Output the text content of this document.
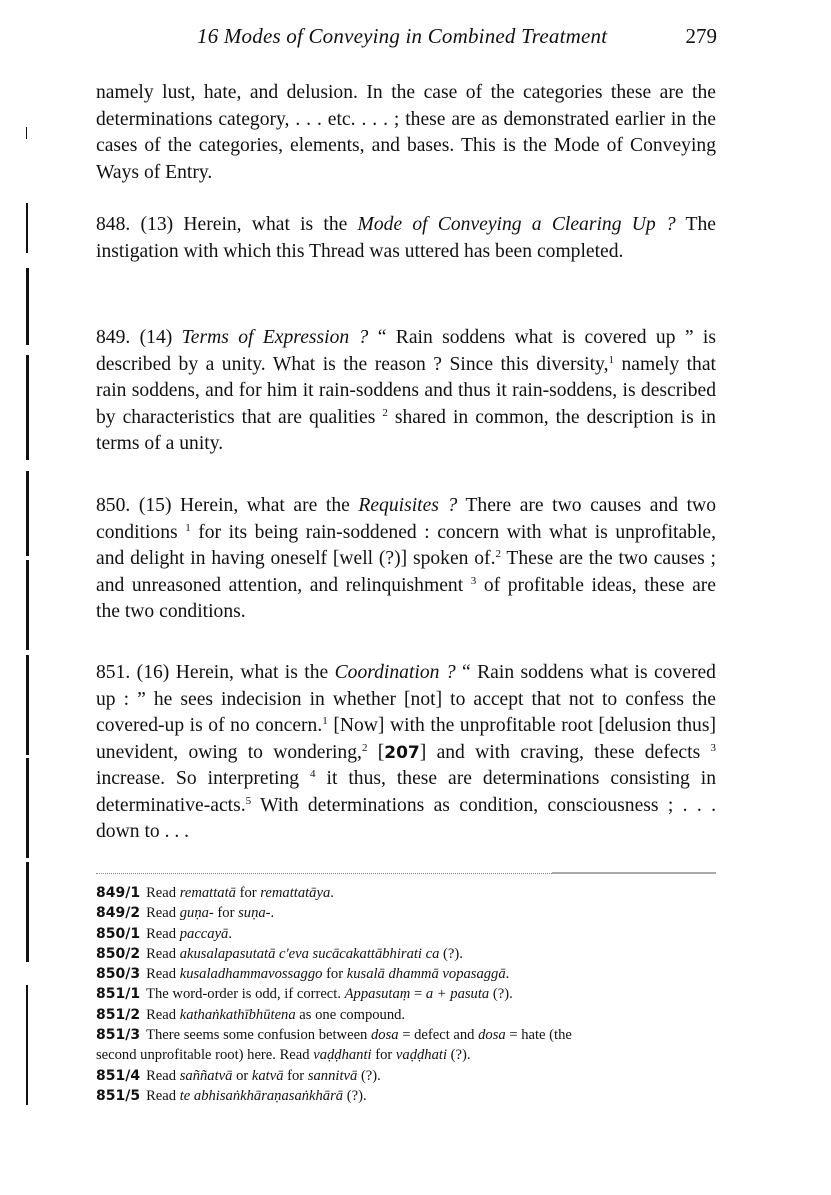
16 Modes of Conveying in Combined Treatment	279

namely lust, hate, and delusion. In the case of the categories these are the determinations category, . . . etc. . . . ; these are as demonstrated earlier in the cases of the categories, elements, and bases. This is the Mode of Conveying Ways of Entry.

848. (13) Herein, what is the Mode of Conveying a Clearing Up ? The instigation with which this Thread was uttered has been completed.

849. (14) Terms of Expression ? “ Rain soddens what is covered up ” is described by a unity. What is the reason ? Since this diversity,$^1$ namely that rain soddens, and for him it rain-soddens and thus it rain-soddens, is described by characteristics that are qualities $^2$ shared in common, the description is in terms of a unity.

850. (15) Herein, what are the Requisites ? There are two causes and two conditions $^1$ for its being rain-soddened : concern with what is unprofitable, and delight in having oneself [well (?)] spoken of.$^2$ These are the two causes ; and unreasoned attention, and relinquishment $^3$ of profitable ideas, these are the two conditions.

851. (16) Herein, what is the Coordination ? “ Rain soddens what is covered up : ” he sees indecision in whether [not] to accept that not to confess the covered-up is of no concern.$^1$ [Now] with the unprofitable root [delusion thus] unevident, owing to wondering,$^2$ [207] and with craving, these defects $^3$ increase. So interpreting $^4$ it thus, these are determinations consisting in determinative-acts.$^5$ With determinations as condition, consciousness ; . . . down to . . .

849/1 Read remattatā for remattatāya.

849/2 Read guṇa- for suṇa-.

850/1 Read paccayā.

850/2 Read akusalapasutatā c'eva sucācakattābhirati ca (?).

850/3 Read kusaladhammavossaggo for kusalā dhammā vopasaggā.

851/1 The word-order is odd, if correct. Appasutaṃ = a + pasuta (?).

851/2 Read kathaṅkathībhūtena as one compound.

851/3 There seems some confusion between dosa = defect and dosa = hate (the

second unprofitable root) here. Read vaḍḍhanti for vaḍḍhati (?).

851/4 Read saññatvā or katvā for sannitvā (?).

851/5 Read te abhisaṅkhāraṇasaṅkhārā (?).
